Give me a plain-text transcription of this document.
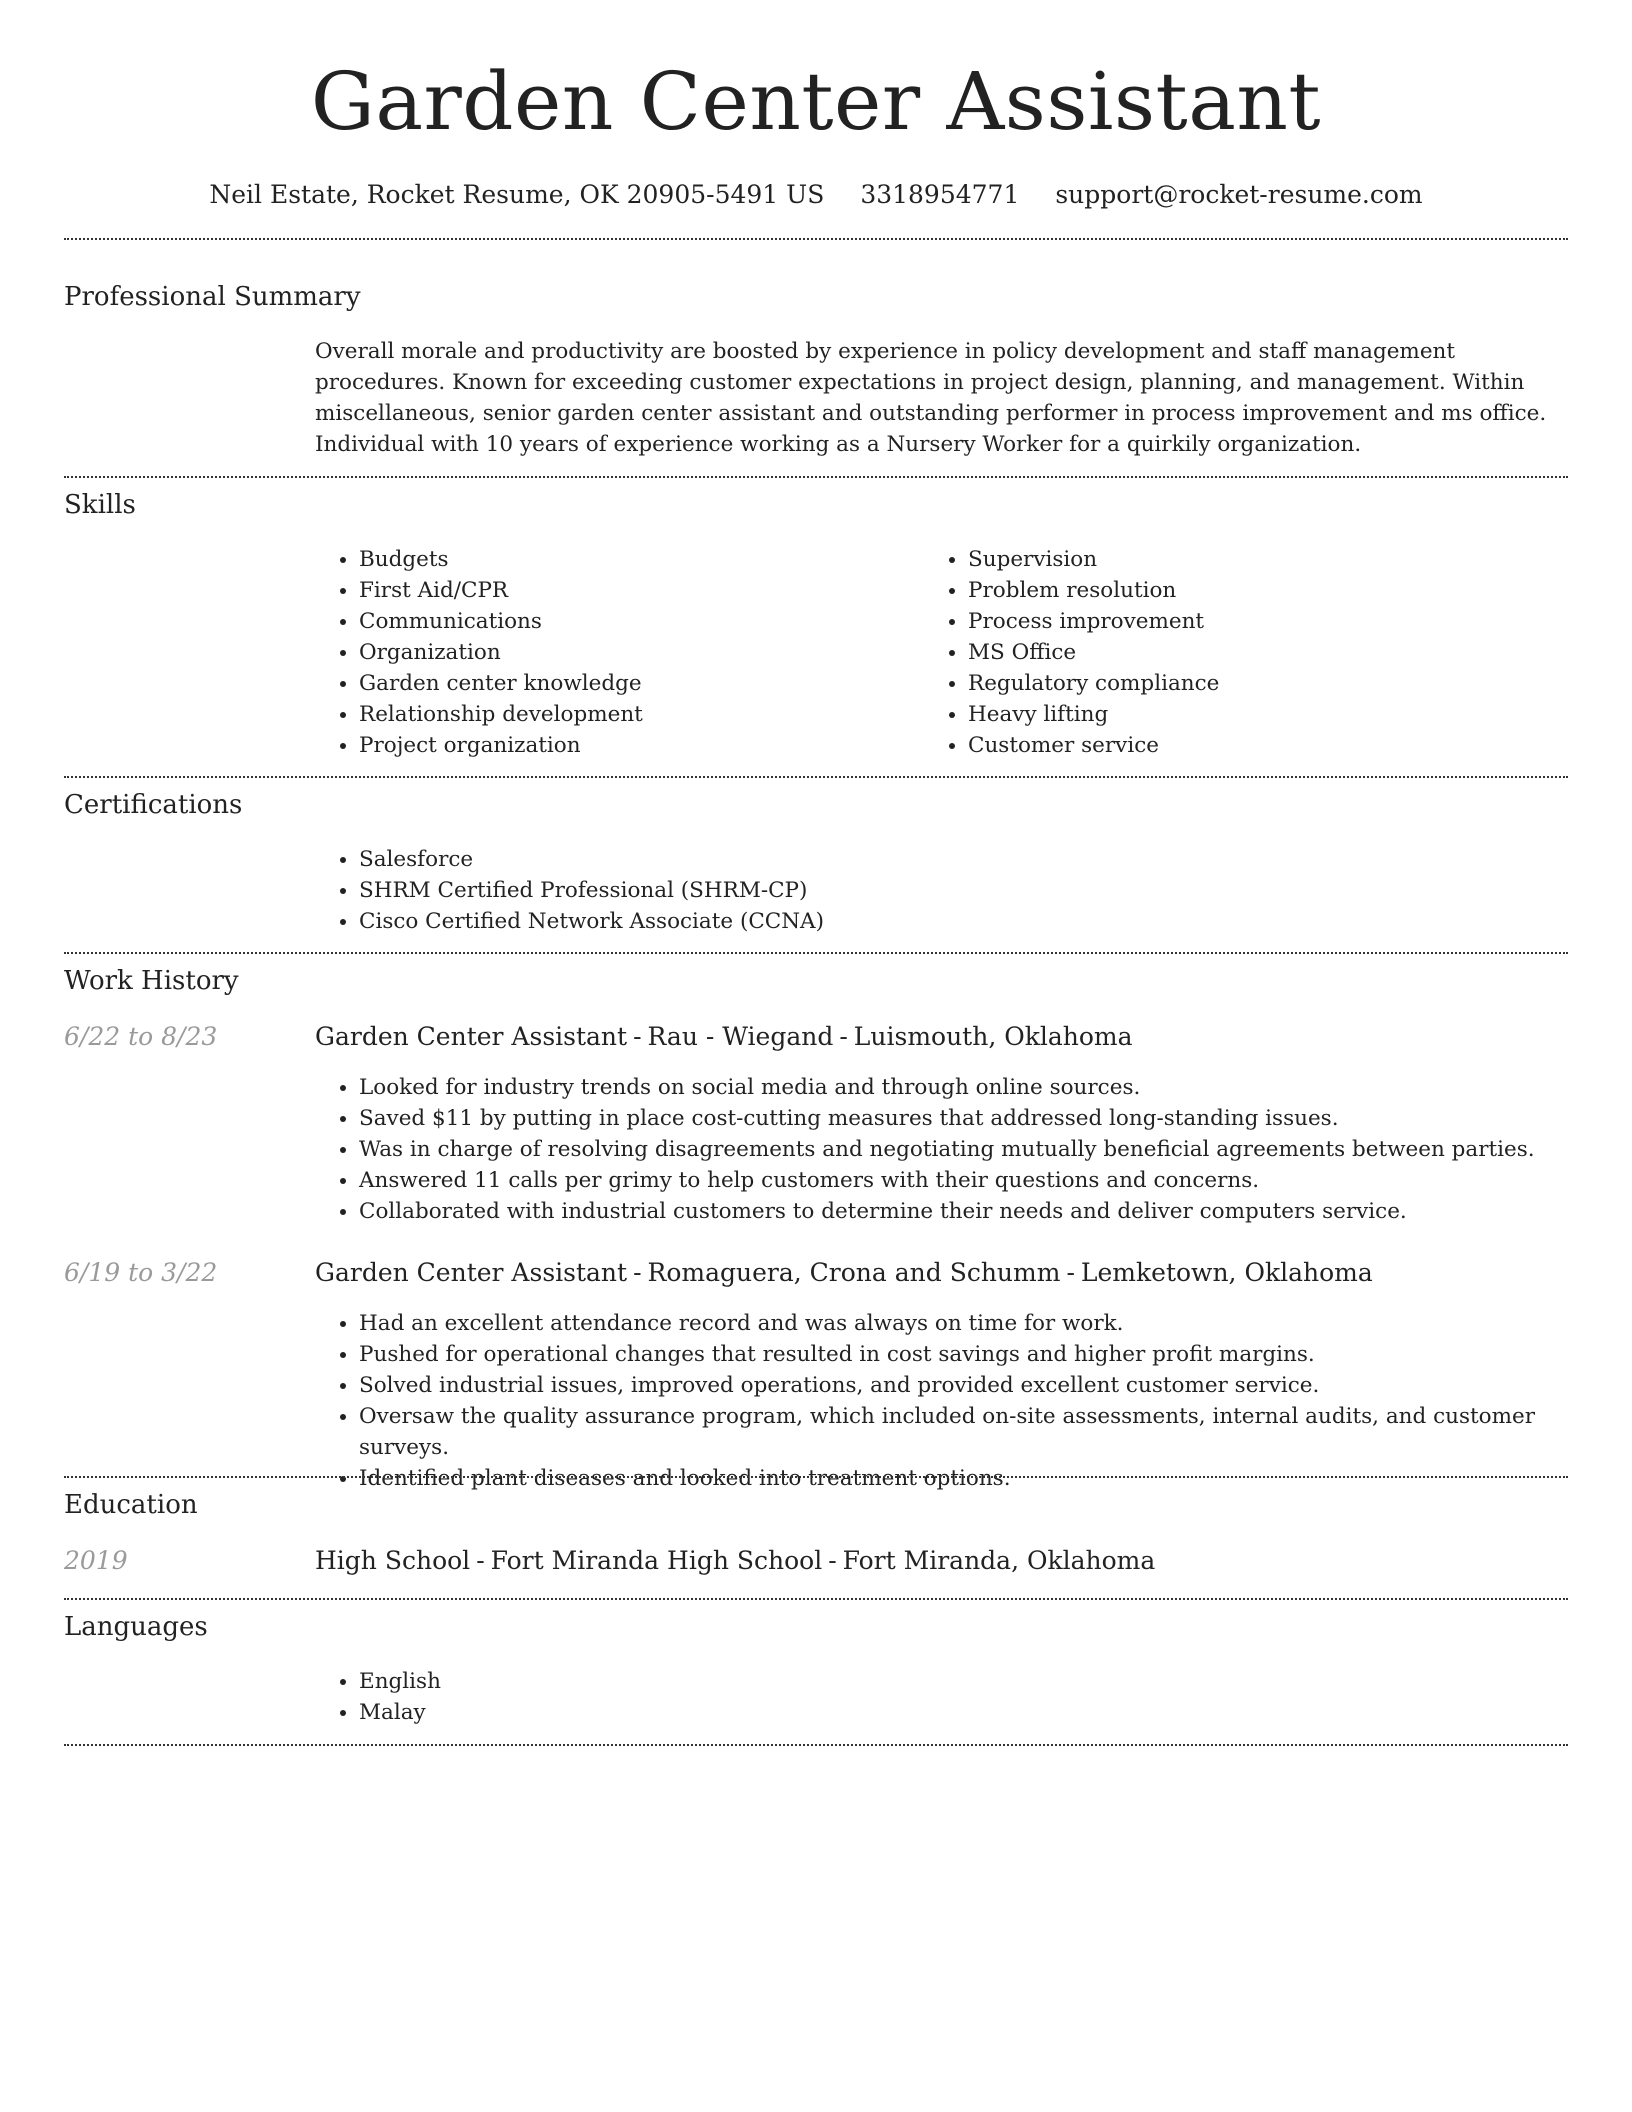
Garden Center Assistant
Neil Estate, Rocket Resume, OK 20905-5491 US 3318954771 support@rocket-resume.com
Professional Summary
Overall morale and productivity are boosted by experience in policy development and staff management procedures. Known for exceeding customer expectations in project design, planning, and management. Within miscellaneous, senior garden center assistant and outstanding performer in process improvement and ms office. Individual with 10 years of experience working as a Nursery Worker for a quirkily organization.
Skills
• Budgets
• First Aid/CPR
• Communications
• Organization
• Garden center knowledge
• Relationship development
• Project organization
• Supervision
• Problem resolution
• Process improvement
• MS Office
• Regulatory compliance
• Heavy lifting
• Customer service
Certifications
• Salesforce
• SHRM Certified Professional (SHRM-CP)
• Cisco Certified Network Associate (CCNA)
Work History
6/22 to 8/23	Garden Center Assistant - Rau - Wiegand - Luismouth, Oklahoma
• Looked for industry trends on social media and through online sources.
• Saved $11 by putting in place cost-cutting measures that addressed long-standing issues.
• Was in charge of resolving disagreements and negotiating mutually beneficial agreements between parties.
• Answered 11 calls per grimy to help customers with their questions and concerns.
• Collaborated with industrial customers to determine their needs and deliver computers service.
6/19 to 3/22	Garden Center Assistant - Romaguera, Crona and Schumm - Lemketown, Oklahoma
• Had an excellent attendance record and was always on time for work.
• Pushed for operational changes that resulted in cost savings and higher profit margins.
• Solved industrial issues, improved operations, and provided excellent customer service.
• Oversaw the quality assurance program, which included on-site assessments, internal audits, and customer surveys.
• Identified plant diseases and looked into treatment options.
Education
2019	High School - Fort Miranda High School - Fort Miranda, Oklahoma
Languages
• English
• Malay
